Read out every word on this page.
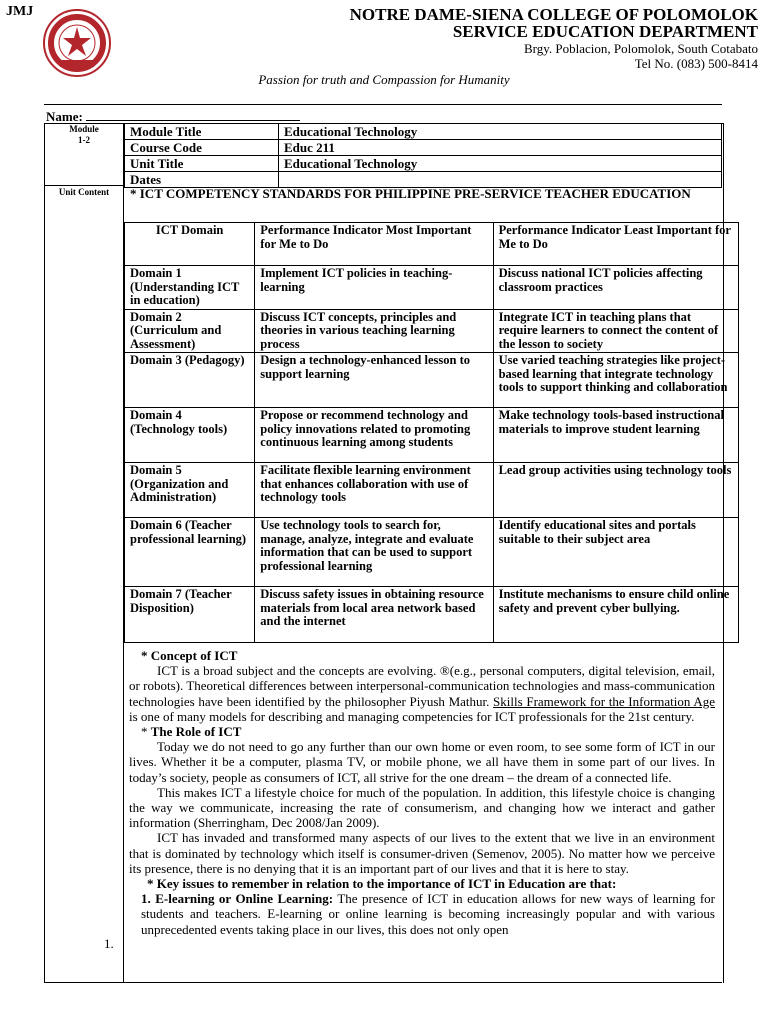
JMJ	NOTRE DAME-SIENA COLLEGE OF POLOMOLOK
SERVICE EDUCATION DEPARTMENT
Brgy. Poblacion, Polomolok, South Cotabato
Tel No. (083) 500-8414
Passion for truth and Compassion for Humanity
Name:
Module
1-2
Unit Content
Module Title	Educational Technology
Course Code	Educ 211
Unit Title	Educational Technology
Dates	
* ICT COMPETENCY STANDARDS FOR PHILIPPINE PRE-SERVICE TEACHER EDUCATION
ICT Domain	Performance Indicator Most Important for Me to Do	Performance Indicator Least Important for Me to Do
Domain 1 (Understanding ICT in education)	Implement ICT policies in teaching-learning	Discuss national ICT policies affecting classroom practices
Domain 2 (Curriculum and Assessment)	Discuss ICT concepts, principles and theories in various teaching learning process	Integrate ICT in teaching plans that require learners to connect the content of the lesson to society
Domain 3 (Pedagogy)	Design a technology-enhanced lesson to support learning	Use varied teaching strategies like project-based learning that integrate technology tools to support thinking and collaboration
Domain 4 (Technology tools)	Propose or recommend technology and policy innovations related to promoting continuous learning among students	Make technology tools-based instructional materials to improve student learning
Domain 5 (Organization and Administration)	Facilitate flexible learning environment that enhances collaboration with use of technology tools	Lead group activities using technology tools
Domain 6 (Teacher professional learning)	Use technology tools to search for, manage, analyze, integrate and evaluate information that can be used to support professional learning	Identify educational sites and portals suitable to their subject area
Domain 7 (Teacher Disposition)	Discuss safety issues in obtaining resource materials from local area network based and the internet	Institute mechanisms to ensure child online safety and prevent cyber bullying.

* Concept of ICT

ICT is a broad subject and the concepts are evolving. ®(e.g., personal computers, digital television, email, or robots). Theoretical differences between interpersonal-communication technologies and mass-communication technologies have been identified by the philosopher Piyush Mathur. Skills Framework for the Information Age is one of many models for describing and managing competencies for ICT professionals for the 21st century.

* The Role of ICT

Today we do not need to go any further than our own home or even room, to see some form of ICT in our lives. Whether it be a computer, plasma TV, or mobile phone, we all have them in some part of our lives. In today’s society, people as consumers of ICT, all strive for the one dream – the dream of a connected life.

This makes ICT a lifestyle choice for much of the population. In addition, this lifestyle choice is changing the way we communicate, increasing the rate of consumerism, and changing how we interact and gather information (Sherringham, Dec 2008/Jan 2009).

ICT has invaded and transformed many aspects of our lives to the extent that we live in an environment that is dominated by technology which itself is consumer-driven (Semenov, 2005). No matter how we perceive its presence, there is no denying that it is an important part of our lives and that it is here to stay.

* Key issues to remember in relation to the importance of ICT in Education are that:

1. E-learning or Online Learning: The presence of ICT in education allows for new ways of learning for students and teachers. E-learning or online learning is becoming increasingly popular and with various unprecedented events taking place in our lives, this does not only open

1.
